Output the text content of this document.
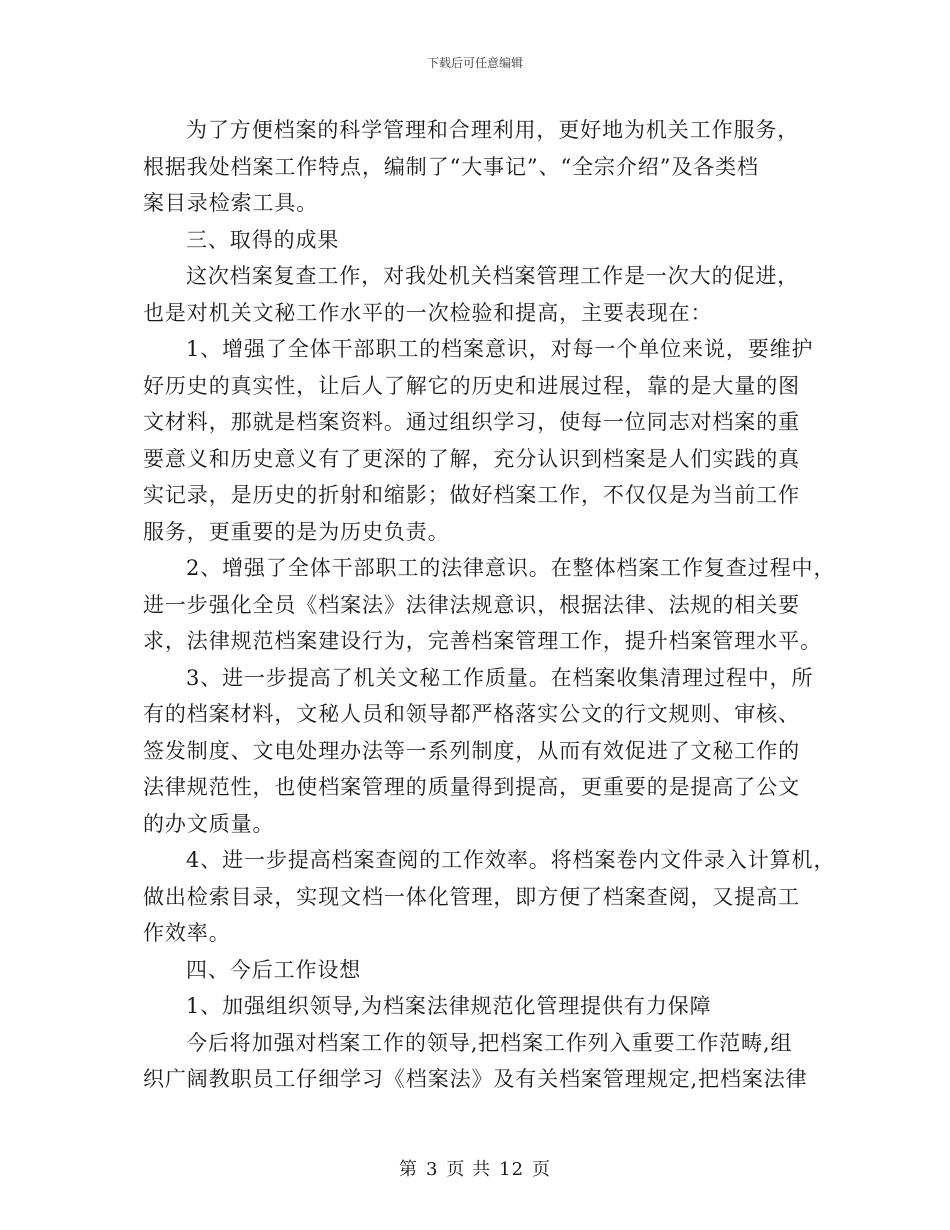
下载后可任意编辑
为了方便档案的科学管理和合理利用，更好地为机关工作服务，
根据我处档案工作特点，编制了“大事记”、“全宗介绍”及各类档
案目录检索工具。
三、取得的成果
这次档案复查工作，对我处机关档案管理工作是一次大的促进，
也是对机关文秘工作水平的一次检验和提高，主要表现在：
1、增强了全体干部职工的档案意识，对每一个单位来说，要维护
好历史的真实性，让后人了解它的历史和进展过程，靠的是大量的图
文材料，那就是档案资料。通过组织学习，使每一位同志对档案的重
要意义和历史意义有了更深的了解，充分认识到档案是人们实践的真
实记录，是历史的折射和缩影；做好档案工作，不仅仅是为当前工作
服务，更重要的是为历史负责。
2、增强了全体干部职工的法律意识。在整体档案工作复查过程中，
进一步强化全员《档案法》法律法规意识，根据法律、法规的相关要
求，法律规范档案建设行为，完善档案管理工作，提升档案管理水平。
3、进一步提高了机关文秘工作质量。在档案收集清理过程中，所
有的档案材料，文秘人员和领导都严格落实公文的行文规则、审核、
签发制度、文电处理办法等一系列制度，从而有效促进了文秘工作的
法律规范性，也使档案管理的质量得到提高，更重要的是提高了公文
的办文质量。
4、进一步提高档案查阅的工作效率。将档案卷内文件录入计算机，
做出检索目录，实现文档一体化管理，即方便了档案查阅，又提高工
作效率。
四、今后工作设想
1、加强组织领导,为档案法律规范化管理提供有力保障
今后将加强对档案工作的领导,把档案工作列入重要工作范畴,组
织广阔教职员工仔细学习《档案法》及有关档案管理规定,把档案法律
第 3 页 共 12 页
